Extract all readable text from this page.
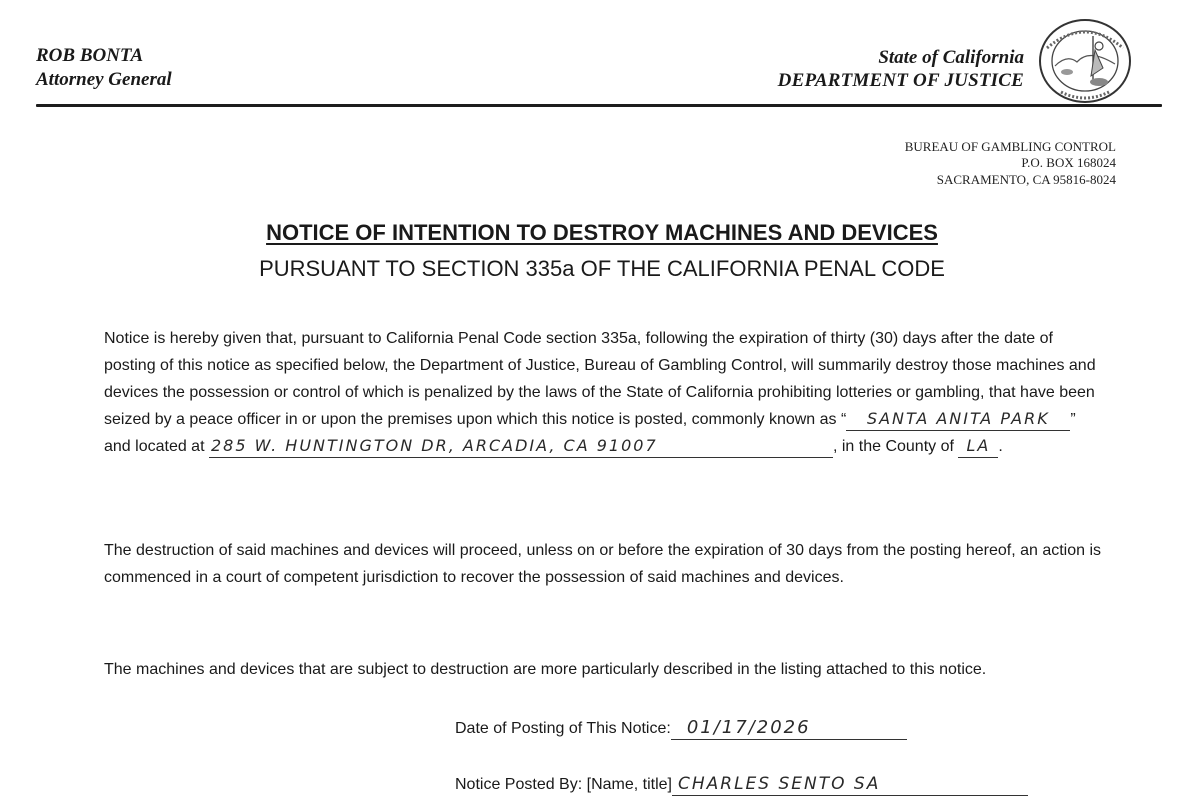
ROB BONTA
Attorney General
State of California
DEPARTMENT OF JUSTICE
BUREAU OF GAMBLING CONTROL
P.O. BOX 168024
SACRAMENTO, CA 95816-8024
NOTICE OF INTENTION TO DESTROY MACHINES AND DEVICES
PURSUANT TO SECTION 335a OF THE CALIFORNIA PENAL CODE
Notice is hereby given that, pursuant to California Penal Code section 335a, following the expiration of thirty (30) days after the date of posting of this notice as specified below, the Department of Justice, Bureau of Gambling Control, will summarily destroy those machines and devices the possession or control of which is penalized by the laws of the State of California prohibiting lotteries or gambling, that have been seized by a peace officer in or upon the premises upon which this notice is posted, commonly known as “ SANTA ANITA PARK ” and located at 285 W. HUNTINGTON DR, ARCADIA, CA 91007	, in the County of LA .
The destruction of said machines and devices will proceed, unless on or before the expiration of 30 days from the posting hereof, an action is commenced in a court of competent jurisdiction to recover the possession of said machines and devices.
The machines and devices that are subject to destruction are more particularly described in the listing attached to this notice.
Date of Posting of This Notice: 01/17/2026
Notice Posted By: [Name, title] CHARLES SENTO SA
